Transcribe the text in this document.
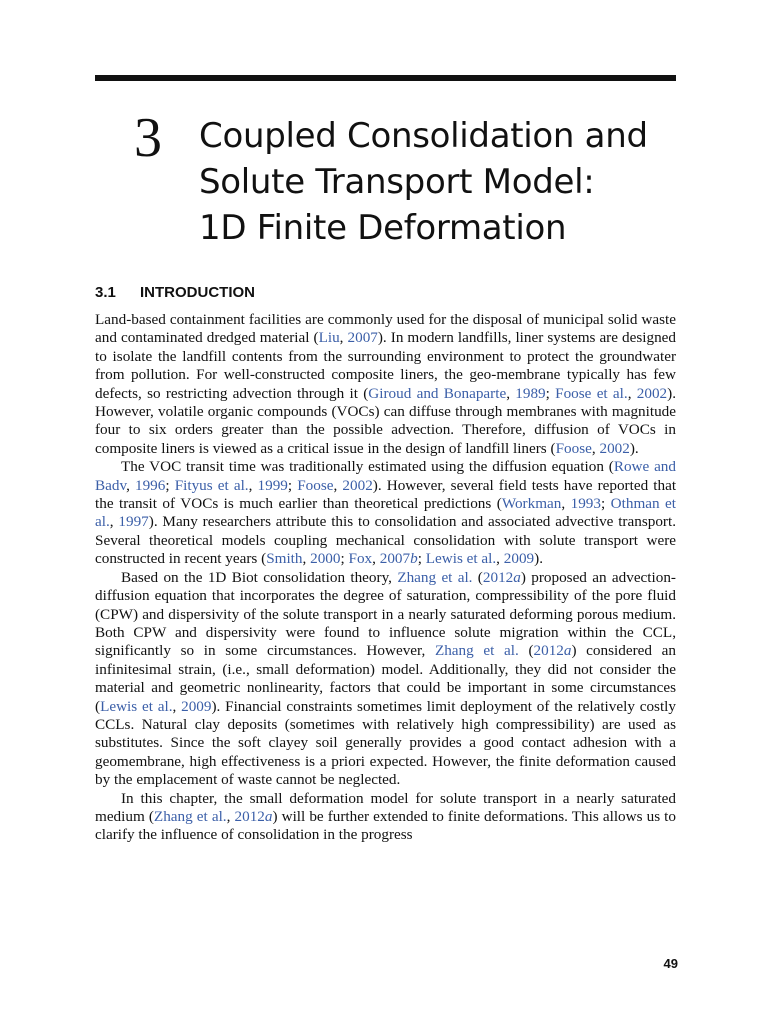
3 Coupled Consolidation and
Solute Transport Model:
1D Finite Deformation
3.1 INTRODUCTION

Land-based containment facilities are commonly used for the disposal of municipal solid waste and contaminated dredged material (Liu, 2007). In modern landfills, liner systems are designed to isolate the landfill contents from the surrounding environment to protect the groundwater from pollution. For well-constructed composite liners, the geo-membrane typically has few defects, so restricting advection through it (Giroud and Bonaparte, 1989; Foose et al., 2002). However, volatile organic compounds (VOCs) can diffuse through membranes with magnitude four to six orders greater than the possible advection. Therefore, diffusion of VOCs in composite liners is viewed as a critical issue in the design of landfill liners (Foose, 2002).

The VOC transit time was traditionally estimated using the diffusion equation (Rowe and Badv, 1996; Fityus et al., 1999; Foose, 2002). However, several field tests have reported that the transit of VOCs is much earlier than theoretical predictions (Workman, 1993; Othman et al., 1997). Many researchers attribute this to consolidation and associated advective transport. Several theoretical models coupling mechanical consolidation with solute transport were constructed in recent years (Smith, 2000; Fox, 2007b; Lewis et al., 2009).

Based on the 1D Biot consolidation theory, Zhang et al. (2012a) proposed an advection-diffusion equation that incorporates the degree of saturation, compressibility of the pore fluid (CPW) and dispersivity of the solute transport in a nearly saturated deforming porous medium. Both CPW and dispersivity were found to influence solute migration within the CCL, significantly so in some circumstances. However, Zhang et al. (2012a) considered an infinitesimal strain, (i.e., small deformation) model. Additionally, they did not consider the material and geometric nonlinearity, factors that could be important in some circumstances (Lewis et al., 2009). Financial constraints sometimes limit deployment of the relatively costly CCLs. Natural clay deposits (sometimes with relatively high compressibility) are used as substitutes. Since the soft clayey soil generally provides a good contact adhesion with a geomembrane, high effectiveness is a priori expected. However, the finite deformation caused by the emplacement of waste cannot be neglected.

In this chapter, the small deformation model for solute transport in a nearly saturated medium (Zhang et al., 2012a) will be further extended to finite deformations. This allows us to clarify the influence of consolidation in the progress

49
